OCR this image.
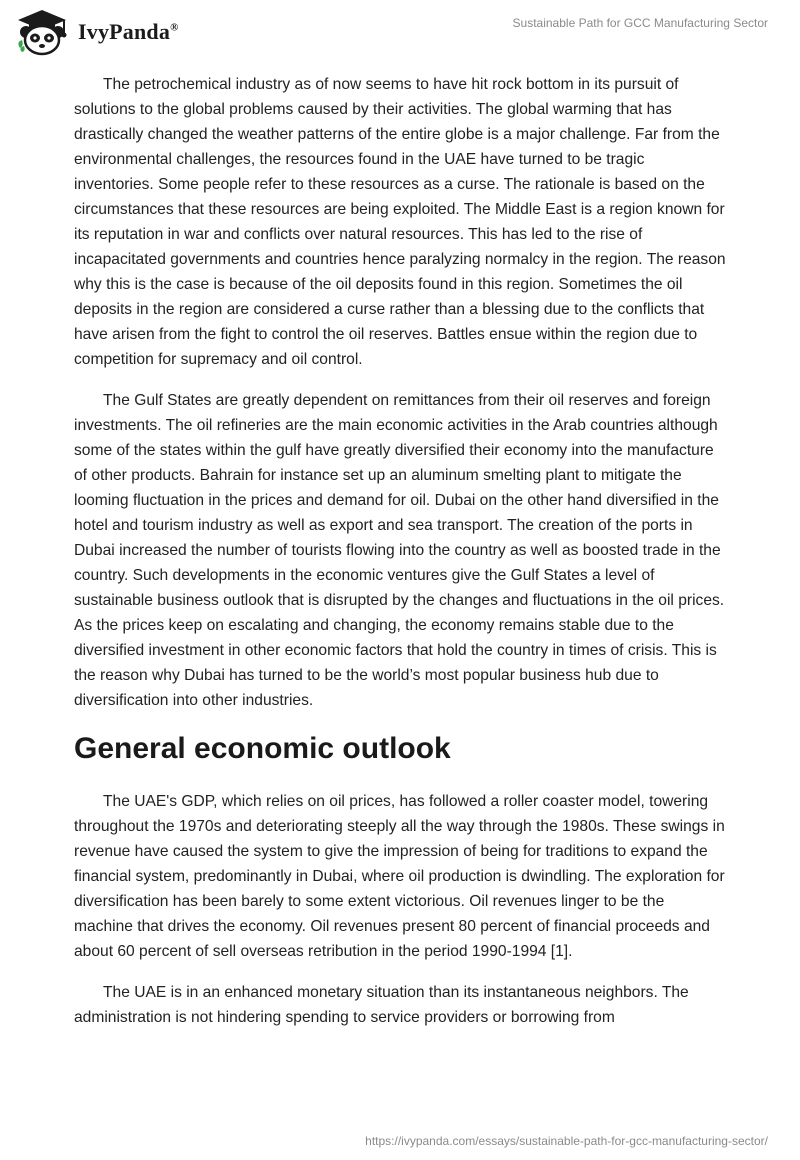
IvyPanda®	Sustainable Path for GCC Manufacturing Sector

The petrochemical industry as of now seems to have hit rock bottom in its pursuit of solutions to the global problems caused by their activities. The global warming that has drastically changed the weather patterns of the entire globe is a major challenge. Far from the environmental challenges, the resources found in the UAE have turned to be tragic inventories. Some people refer to these resources as a curse. The rationale is based on the circumstances that these resources are being exploited. The Middle East is a region known for its reputation in war and conflicts over natural resources. This has led to the rise of incapacitated governments and countries hence paralyzing normalcy in the region. The reason why this is the case is because of the oil deposits found in this region. Sometimes the oil deposits in the region are considered a curse rather than a blessing due to the conflicts that have arisen from the fight to control the oil reserves. Battles ensue within the region due to competition for supremacy and oil control.

The Gulf States are greatly dependent on remittances from their oil reserves and foreign investments. The oil refineries are the main economic activities in the Arab countries although some of the states within the gulf have greatly diversified their economy into the manufacture of other products. Bahrain for instance set up an aluminum smelting plant to mitigate the looming fluctuation in the prices and demand for oil. Dubai on the other hand diversified in the hotel and tourism industry as well as export and sea transport. The creation of the ports in Dubai increased the number of tourists flowing into the country as well as boosted trade in the country. Such developments in the economic ventures give the Gulf States a level of sustainable business outlook that is disrupted by the changes and fluctuations in the oil prices. As the prices keep on escalating and changing, the economy remains stable due to the diversified investment in other economic factors that hold the country in times of crisis. This is the reason why Dubai has turned to be the world’s most popular business hub due to diversification into other industries.

General economic outlook

The UAE's GDP, which relies on oil prices, has followed a roller coaster model, towering throughout the 1970s and deteriorating steeply all the way through the 1980s. These swings in revenue have caused the system to give the impression of being for traditions to expand the financial system, predominantly in Dubai, where oil production is dwindling. The exploration for diversification has been barely to some extent victorious. Oil revenues linger to be the machine that drives the economy. Oil revenues present 80 percent of financial proceeds and about 60 percent of sell overseas retribution in the period 1990-1994 [1].

The UAE is in an enhanced monetary situation than its instantaneous neighbors. The administration is not hindering spending to service providers or borrowing from

https://ivypanda.com/essays/sustainable-path-for-gcc-manufacturing-sector/
